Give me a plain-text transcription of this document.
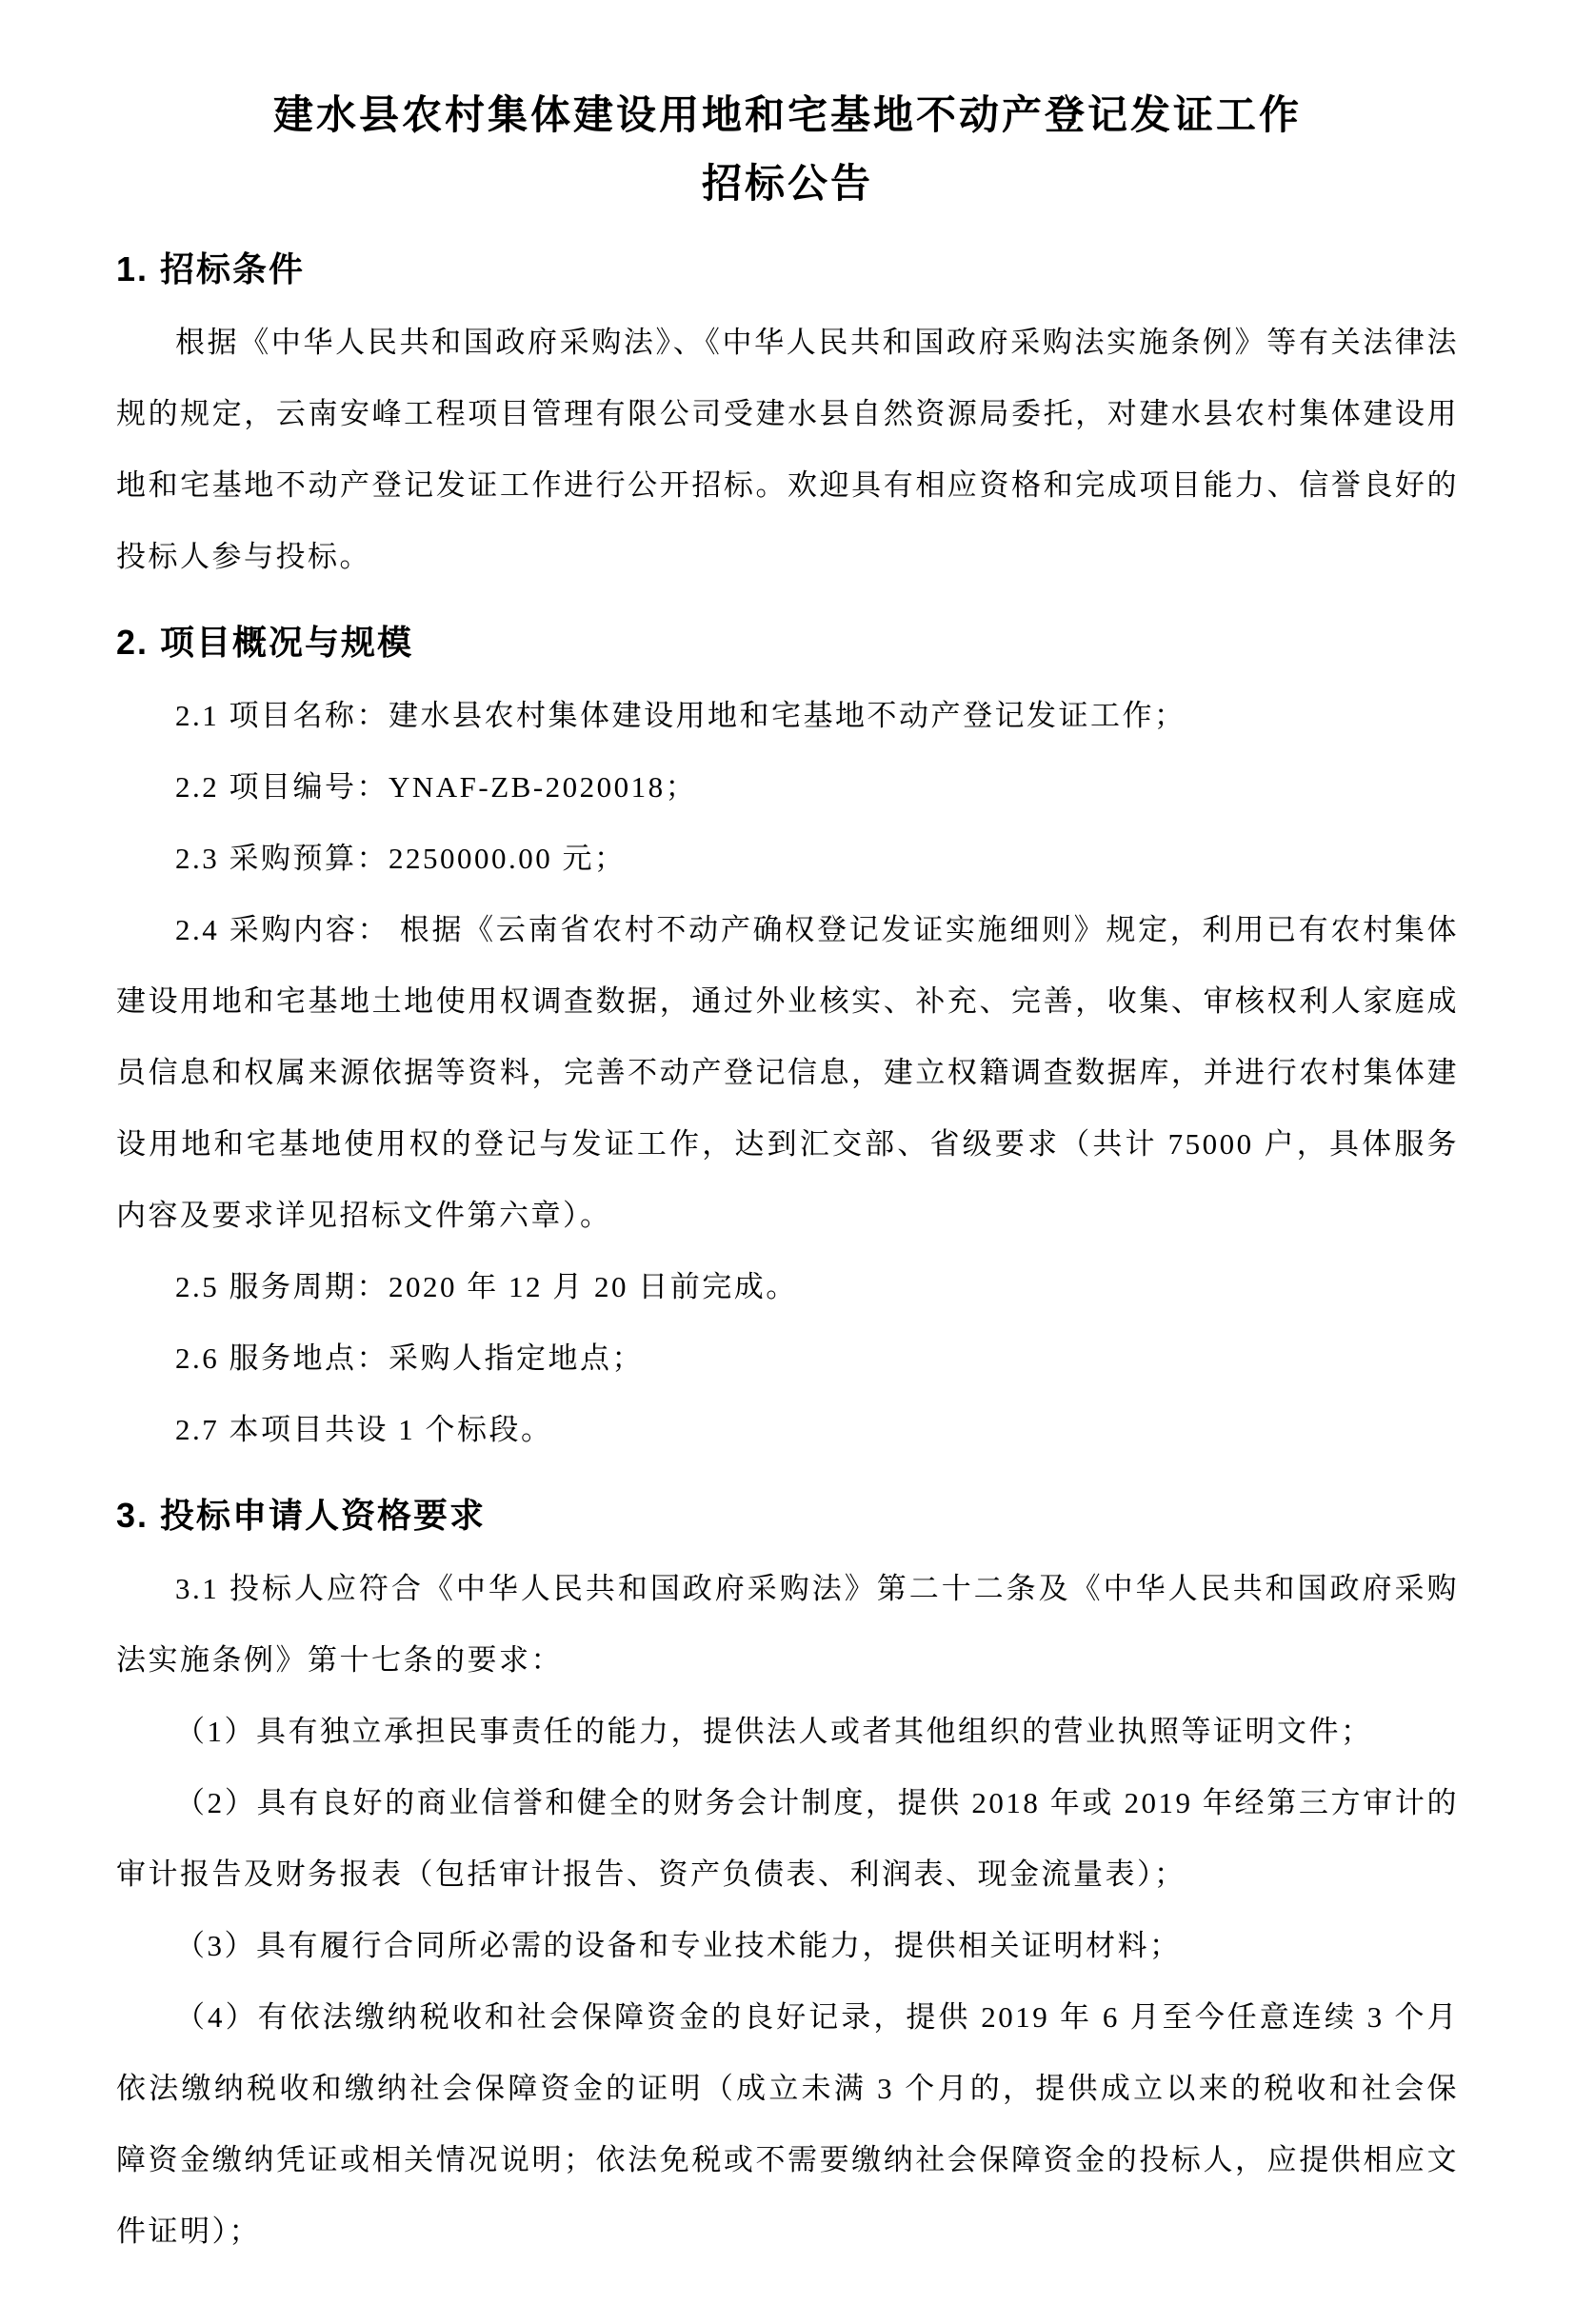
建水县农村集体建设用地和宅基地不动产登记发证工作
招标公告
1. 招标条件

根据《中华人民共和国政府采购法》、《中华人民共和国政府采购法实施条例》等有关法律法规的规定，云南安峰工程项目管理有限公司受建水县自然资源局委托，对建水县农村集体建设用地和宅基地不动产登记发证工作进行公开招标。欢迎具有相应资格和完成项目能力、信誉良好的投标人参与投标。

2. 项目概况与规模

2.1 项目名称：建水县农村集体建设用地和宅基地不动产登记发证工作；

2.2 项目编号：YNAF-ZB-2020018；

2.3 采购预算：2250000.00 元；

2.4 采购内容： 根据《云南省农村不动产确权登记发证实施细则》规定，利用已有农村集体建设用地和宅基地土地使用权调查数据，通过外业核实、补充、完善，收集、审核权利人家庭成员信息和权属来源依据等资料，完善不动产登记信息，建立权籍调查数据库，并进行农村集体建设用地和宅基地使用权的登记与发证工作，达到汇交部、省级要求（共计 75000 户，具体服务内容及要求详见招标文件第六章）。

2.5 服务周期：2020 年 12 月 20 日前完成。

2.6 服务地点：采购人指定地点；

2.7 本项目共设 1 个标段。

3. 投标申请人资格要求

3.1 投标人应符合《中华人民共和国政府采购法》第二十二条及《中华人民共和国政府采购法实施条例》第十七条的要求：

（1）具有独立承担民事责任的能力，提供法人或者其他组织的营业执照等证明文件；

（2）具有良好的商业信誉和健全的财务会计制度，提供 2018 年或 2019 年经第三方审计的审计报告及财务报表（包括审计报告、资产负债表、利润表、现金流量表）；

（3）具有履行合同所必需的设备和专业技术能力，提供相关证明材料；

（4）有依法缴纳税收和社会保障资金的良好记录，提供 2019 年 6 月至今任意连续 3 个月依法缴纳税收和缴纳社会保障资金的证明（成立未满 3 个月的，提供成立以来的税收和社会保障资金缴纳凭证或相关情况说明；依法免税或不需要缴纳社会保障资金的投标人，应提供相应文件证明）；
